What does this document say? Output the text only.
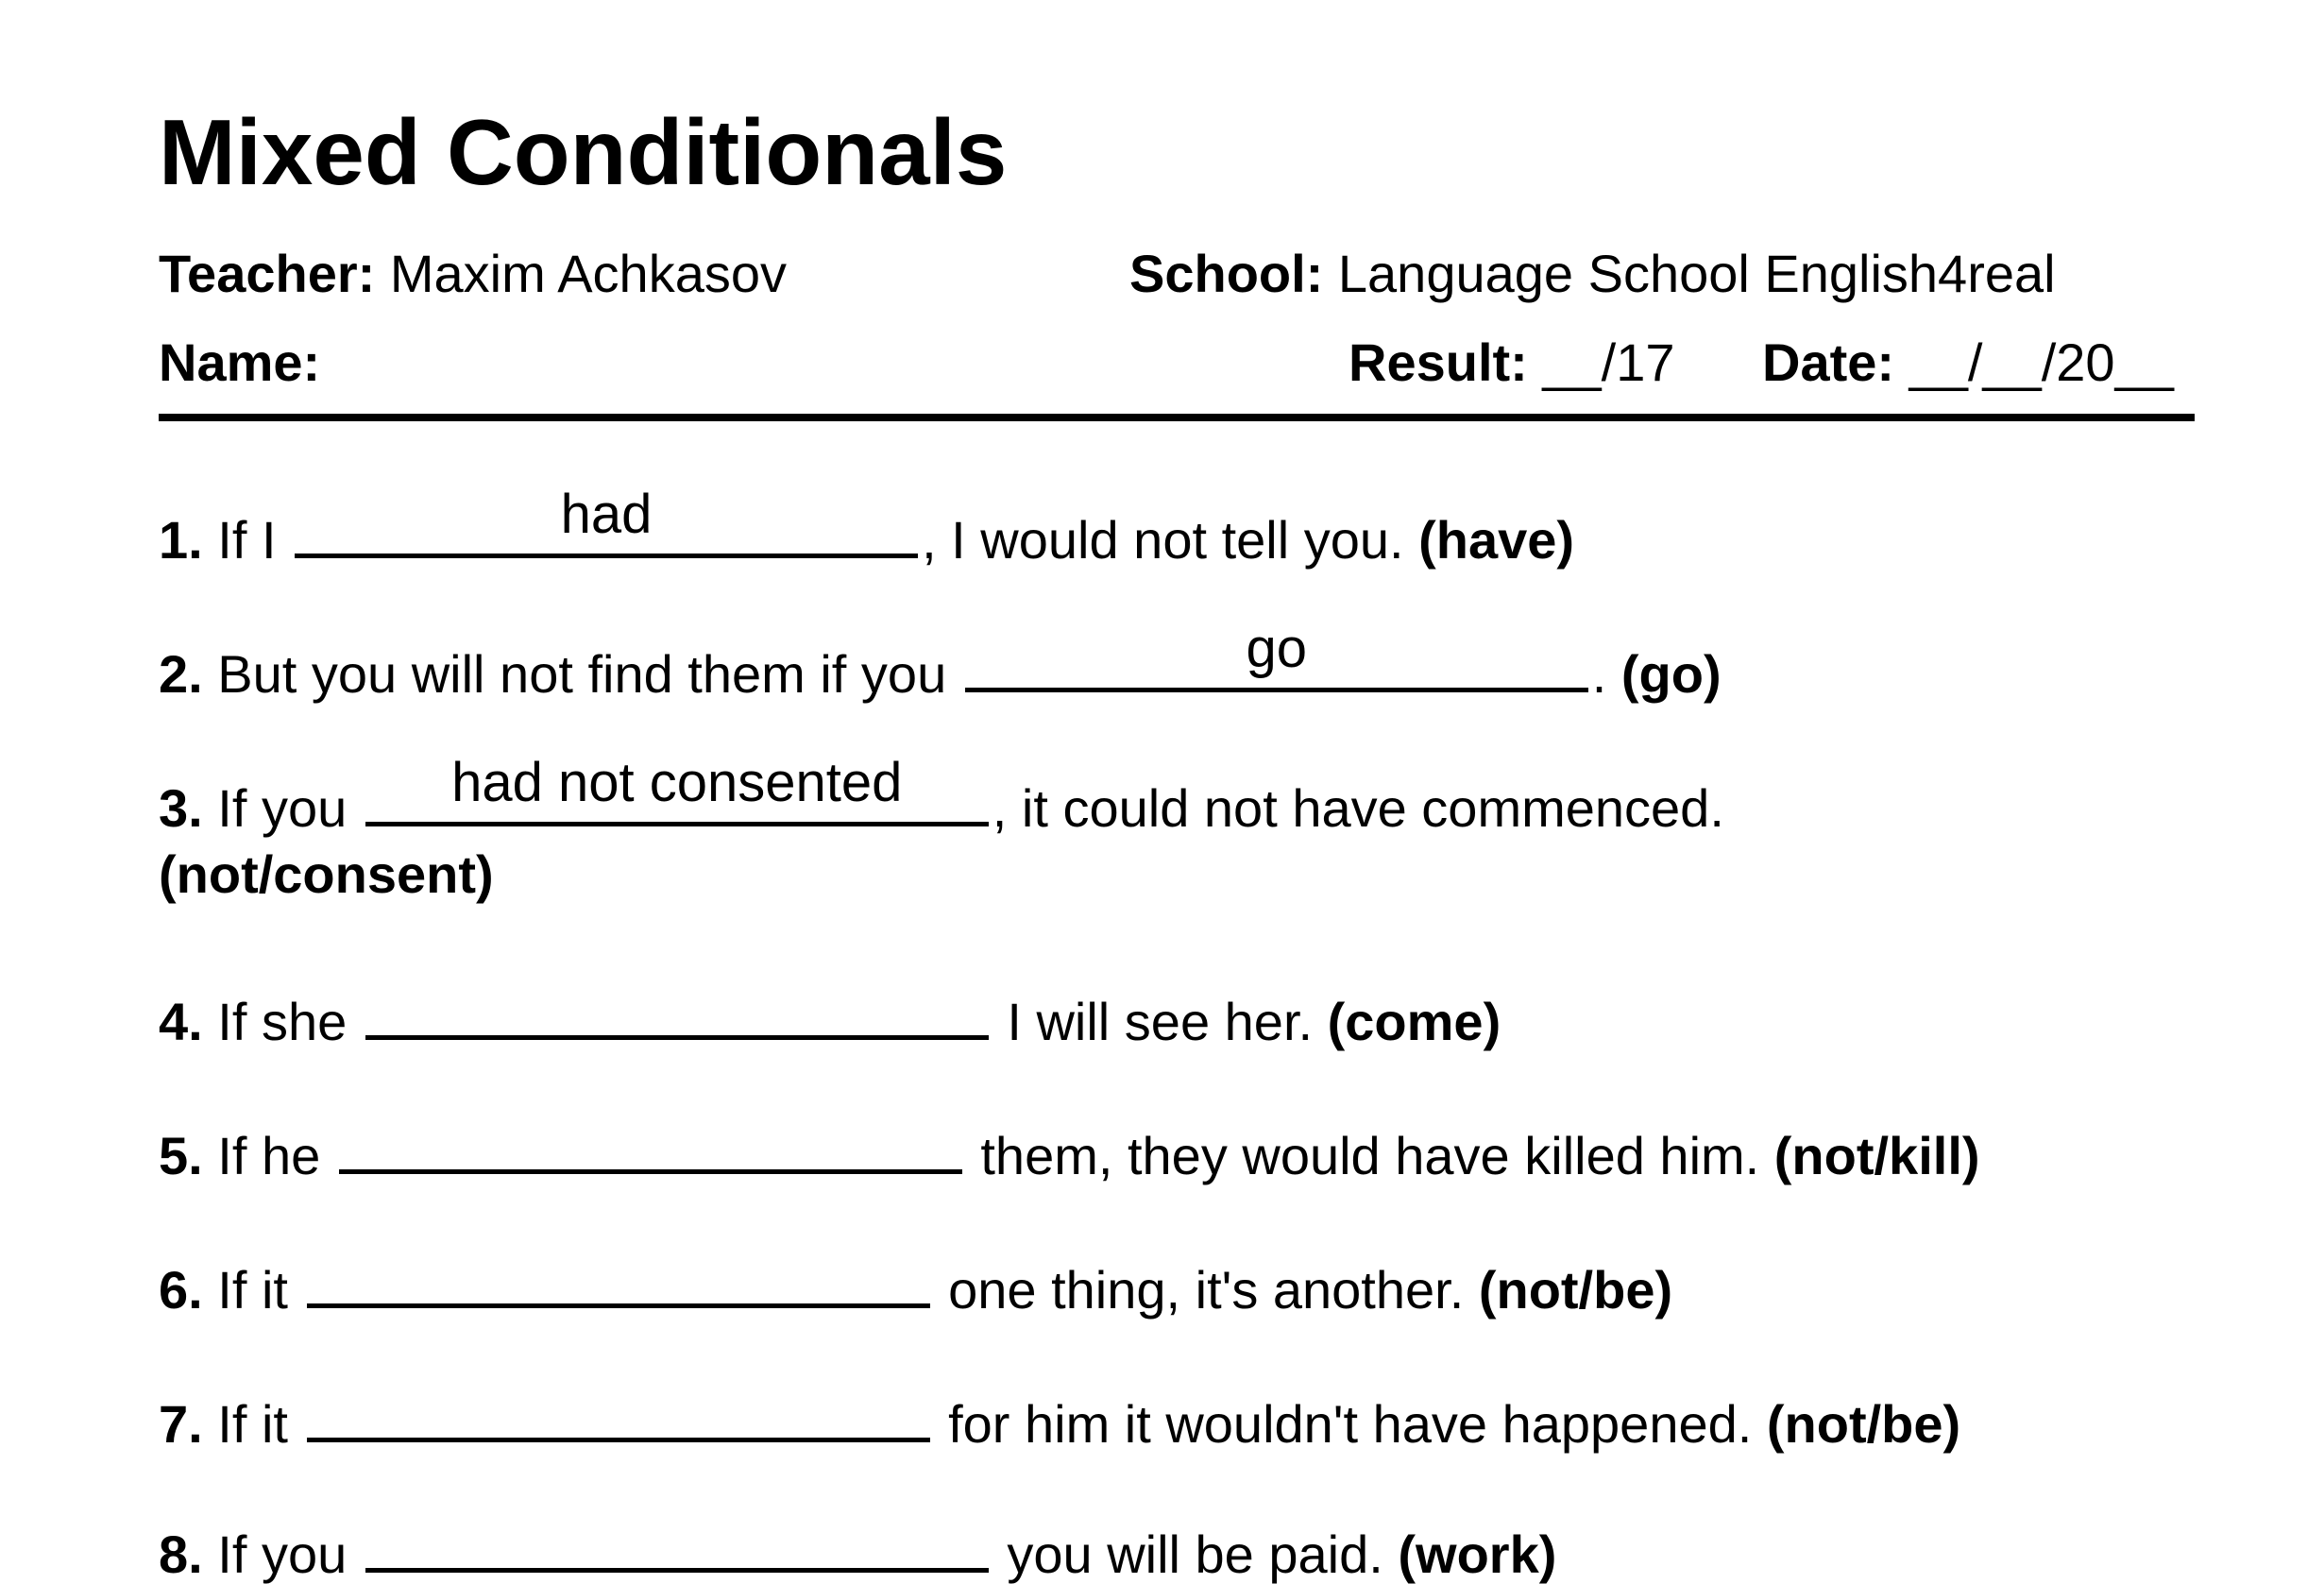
Mixed Conditionals
Teacher: Maxim Achkasov	School: Language School English4real
Name:	Result: __/17 Date: __/__/20__
1. If I	had	, I would not tell you. (have)
2. But you will not find them if you	go	. (go)
3. If you	had not consented	, it could not have commenced.
(not/consent)
4. If she	I will see her. (come)
5. If he	them, they would have killed him. (not/kill)
6. If it	one thing, it's another. (not/be)
7. If it	for him it wouldn't have happened. (not/be)
8. If you	you will be paid. (work)
